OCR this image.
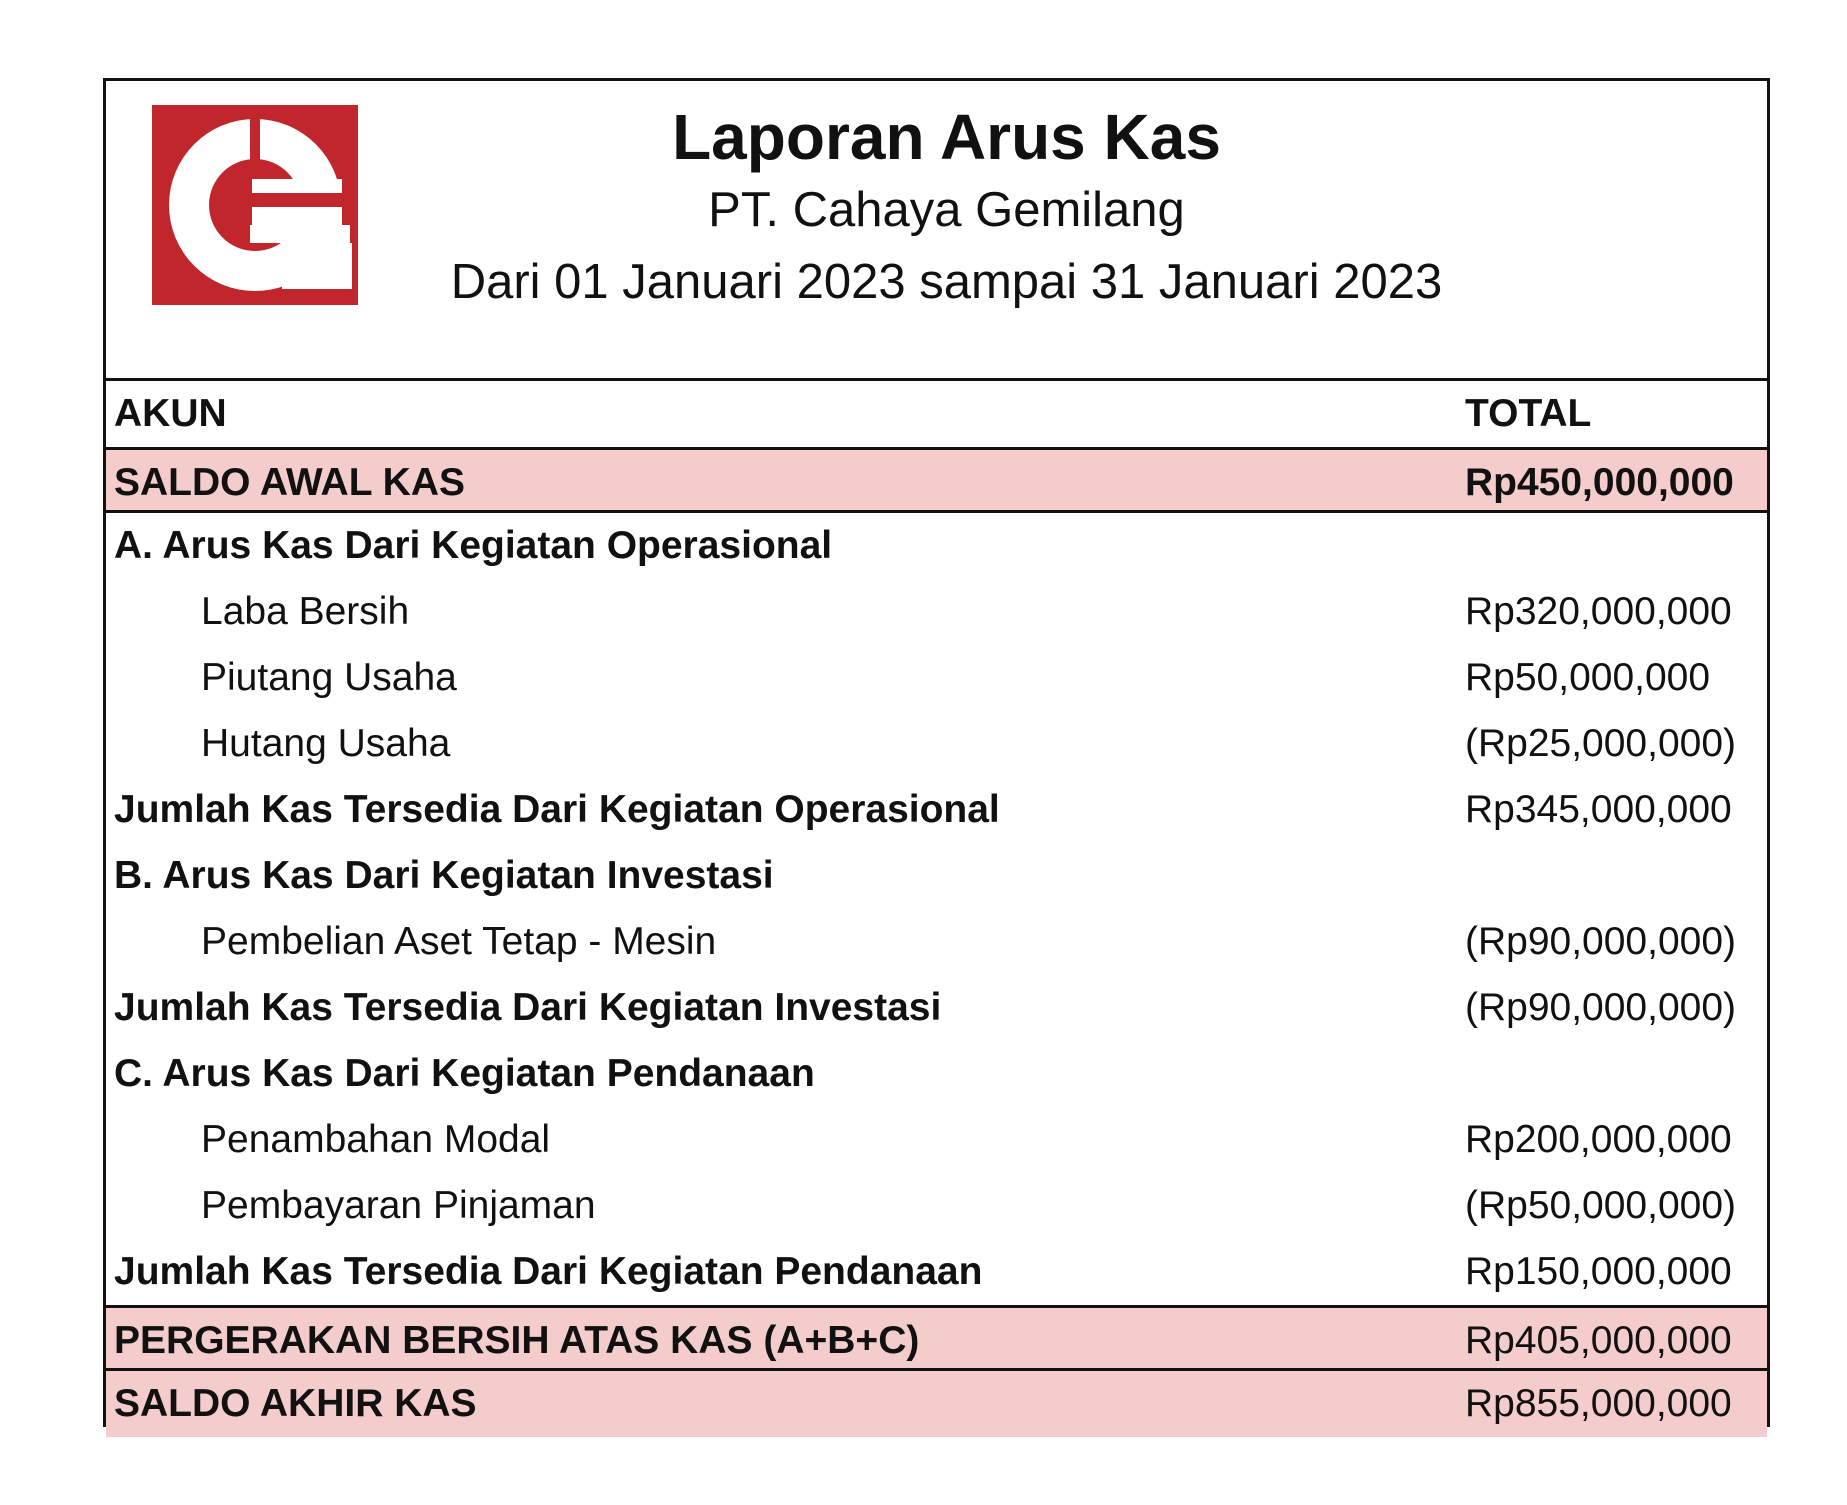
Laporan Arus Kas
PT. Cahaya Gemilang
Dari 01 Januari 2023 sampai 31 Januari 2023
AKUN	TOTAL
SALDO AWAL KAS	Rp450,000,000
A. Arus Kas Dari Kegiatan Operasional
Laba Bersih	Rp320,000,000
Piutang Usaha	Rp50,000,000
Hutang Usaha	(Rp25,000,000)
Jumlah Kas Tersedia Dari Kegiatan Operasional	Rp345,000,000
B. Arus Kas Dari Kegiatan Investasi
Pembelian Aset Tetap - Mesin	(Rp90,000,000)
Jumlah Kas Tersedia Dari Kegiatan Investasi	(Rp90,000,000)
C. Arus Kas Dari Kegiatan Pendanaan
Penambahan Modal	Rp200,000,000
Pembayaran Pinjaman	(Rp50,000,000)
Jumlah Kas Tersedia Dari Kegiatan Pendanaan	Rp150,000,000
PERGERAKAN BERSIH ATAS KAS (A+B+C)	Rp405,000,000
SALDO AKHIR KAS	Rp855,000,000
